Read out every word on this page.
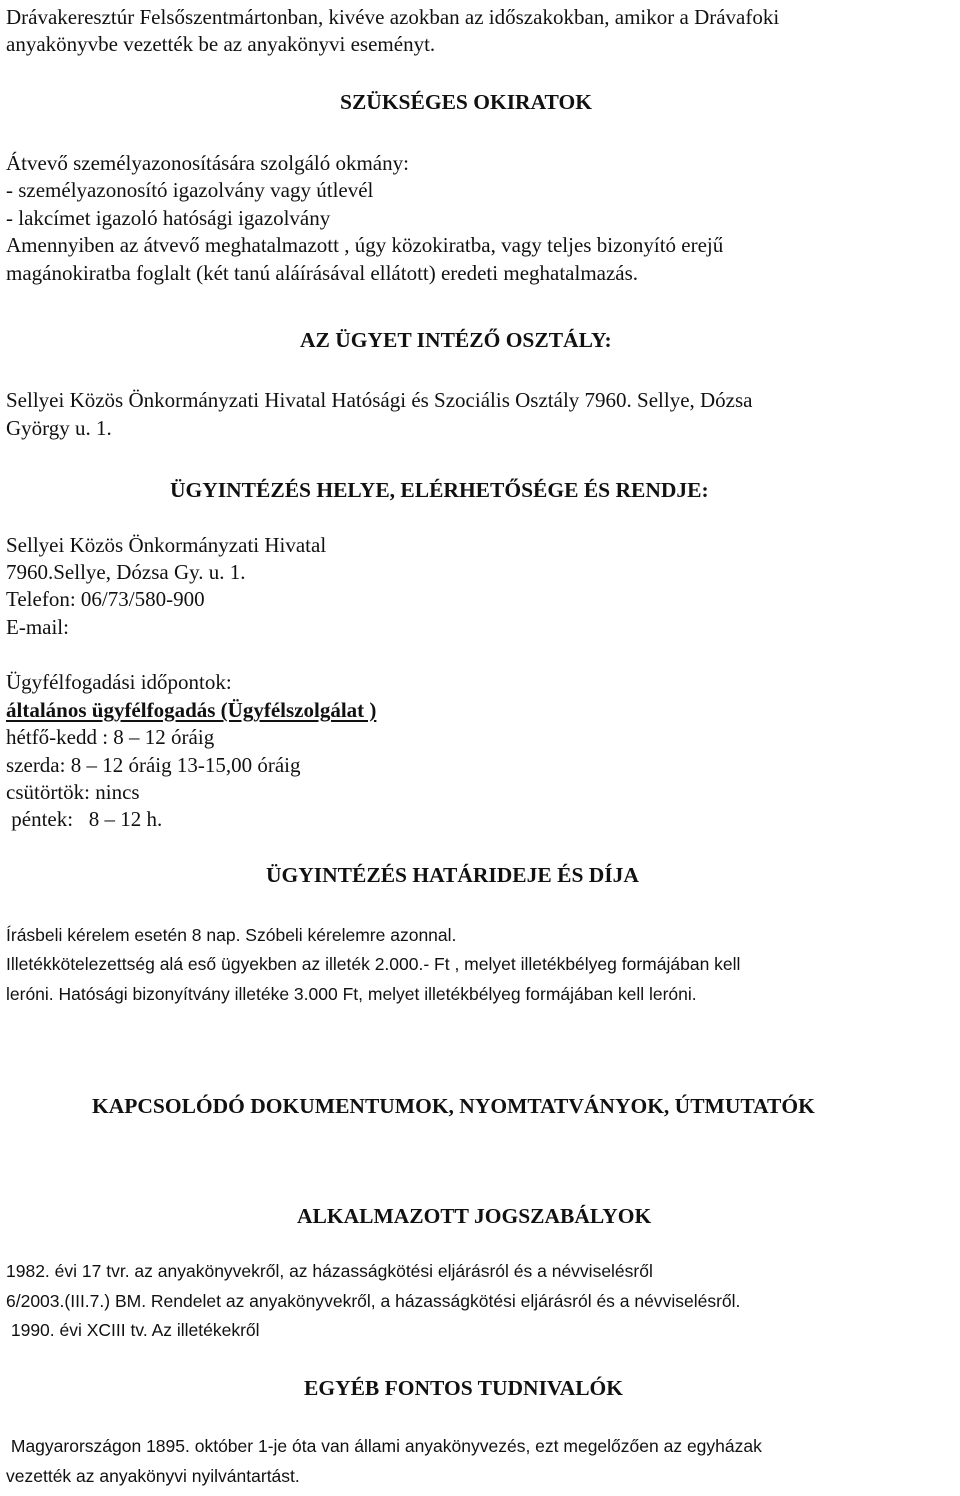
Drávakeresztúr Felsőszentmártonban, kivéve azokban az időszakokban, amikor a Drávafoki
anyakönyvbe vezették be az anyakönyvi eseményt.
SZÜKSÉGES OKIRATOK
Átvevő személyazonosítására szolgáló okmány:
- személyazonosító igazolvány vagy útlevél
- lakcímet igazoló hatósági igazolvány
Amennyiben az átvevő meghatalmazott , úgy közokiratba, vagy teljes bizonyító erejű
magánokiratba foglalt (két tanú aláírásával ellátott) eredeti meghatalmazás.
AZ ÜGYET INTÉZŐ OSZTÁLY:
Sellyei Közös Önkormányzati Hivatal Hatósági és Szociális Osztály 7960. Sellye, Dózsa
György u. 1.
ÜGYINTÉZÉS HELYE, ELÉRHETŐSÉGE ÉS RENDJE:
Sellyei Közös Önkormányzati Hivatal
7960.Sellye, Dózsa Gy. u. 1.
Telefon: 06/73/580-900
E-mail:
Ügyfélfogadási időpontok:
általános ügyfélfogadás (Ügyfélszolgálat )
hétfő-kedd : 8 – 12 óráig
szerda: 8 – 12 óráig 13-15,00 óráig
csütörtök: nincs
péntek:   8 – 12 h.
ÜGYINTÉZÉS HATÁRIDEJE ÉS DÍJA
Írásbeli kérelem esetén 8 nap. Szóbeli kérelemre azonnal.
Illetékkötelezettség alá eső ügyekben az illeték 2.000.- Ft , melyet illetékbélyeg formájában kell
leróni. Hatósági bizonyítvány illetéke 3.000 Ft, melyet illetékbélyeg formájában kell leróni.
KAPCSOLÓDÓ DOKUMENTUMOK, NYOMTATVÁNYOK, ÚTMUTATÓK
ALKALMAZOTT JOGSZABÁLYOK
1982. évi 17 tvr. az anyakönyvekről, az házasságkötési eljárásról és a névviselésről
6/2003.(III.7.) BM. Rendelet az anyakönyvekről, a házasságkötési eljárásról és a névviselésről.
1990. évi XCIII tv. Az illetékekről
EGYÉB FONTOS TUDNIVALÓK
Magyarországon 1895. október 1-je óta van állami anyakönyvezés, ezt megelőzően az egyházak
vezették az anyakönyvi nyilvántartást.
